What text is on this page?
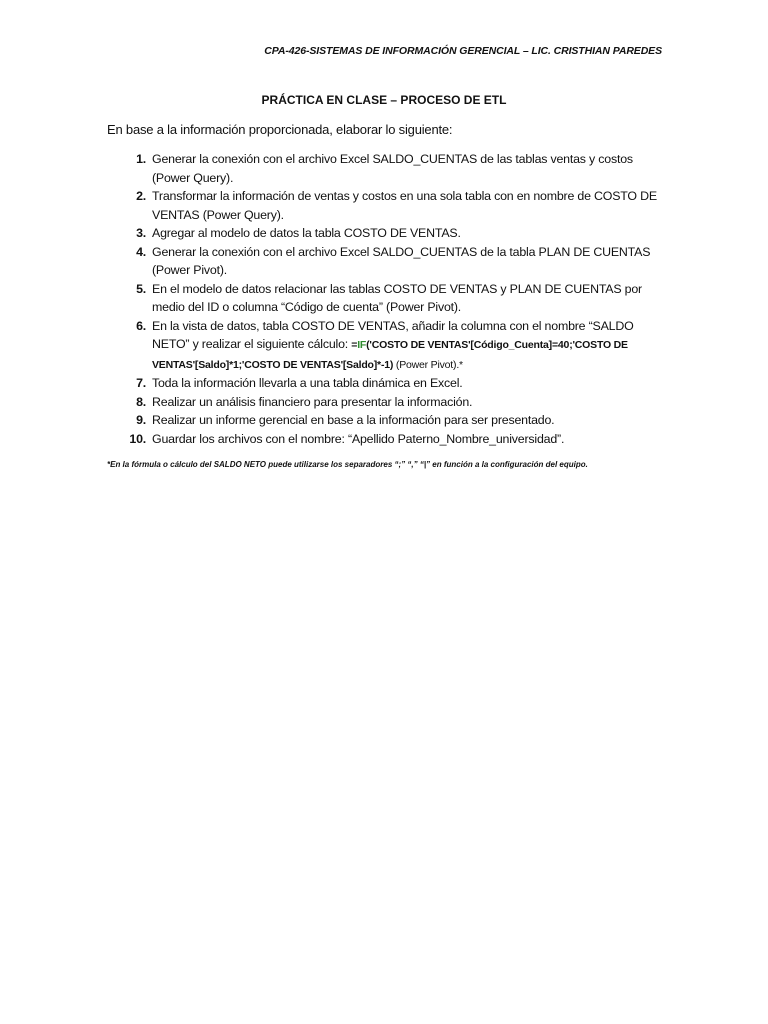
CPA-426-SISTEMAS DE INFORMACIÓN GERENCIAL – LIC. CRISTHIAN PAREDES
PRÁCTICA EN CLASE – PROCESO DE ETL
En base a la información proporcionada, elaborar lo siguiente:
1. Generar la conexión con el archivo Excel SALDO_CUENTAS de las tablas ventas y costos (Power Query).
2. Transformar la información de ventas y costos en una sola tabla con en nombre de COSTO DE VENTAS (Power Query).
3. Agregar al modelo de datos la tabla COSTO DE VENTAS.
4. Generar la conexión con el archivo Excel SALDO_CUENTAS de la tabla PLAN DE CUENTAS (Power Pivot).
5. En el modelo de datos relacionar las tablas COSTO DE VENTAS y PLAN DE CUENTAS por medio del ID o columna “Código de cuenta” (Power Pivot).
6. En la vista de datos, tabla COSTO DE VENTAS, añadir la columna con el nombre “SALDO NETO” y realizar el siguiente cálculo: =IF('COSTO DE VENTAS'[Código_Cuenta]=40;'COSTO DE VENTAS'[Saldo]*1;'COSTO DE VENTAS'[Saldo]*-1) (Power Pivot).*
7. Toda la información llevarla a una tabla dinámica en Excel.
8. Realizar un análisis financiero para presentar la información.
9. Realizar un informe gerencial en base a la información para ser presentado.
10. Guardar los archivos con el nombre: “Apellido Paterno_Nombre_universidad”.
*En la fórmula o cálculo del SALDO NETO puede utilizarse los separadores “;” “,” “|” en función a la configuración del equipo.
